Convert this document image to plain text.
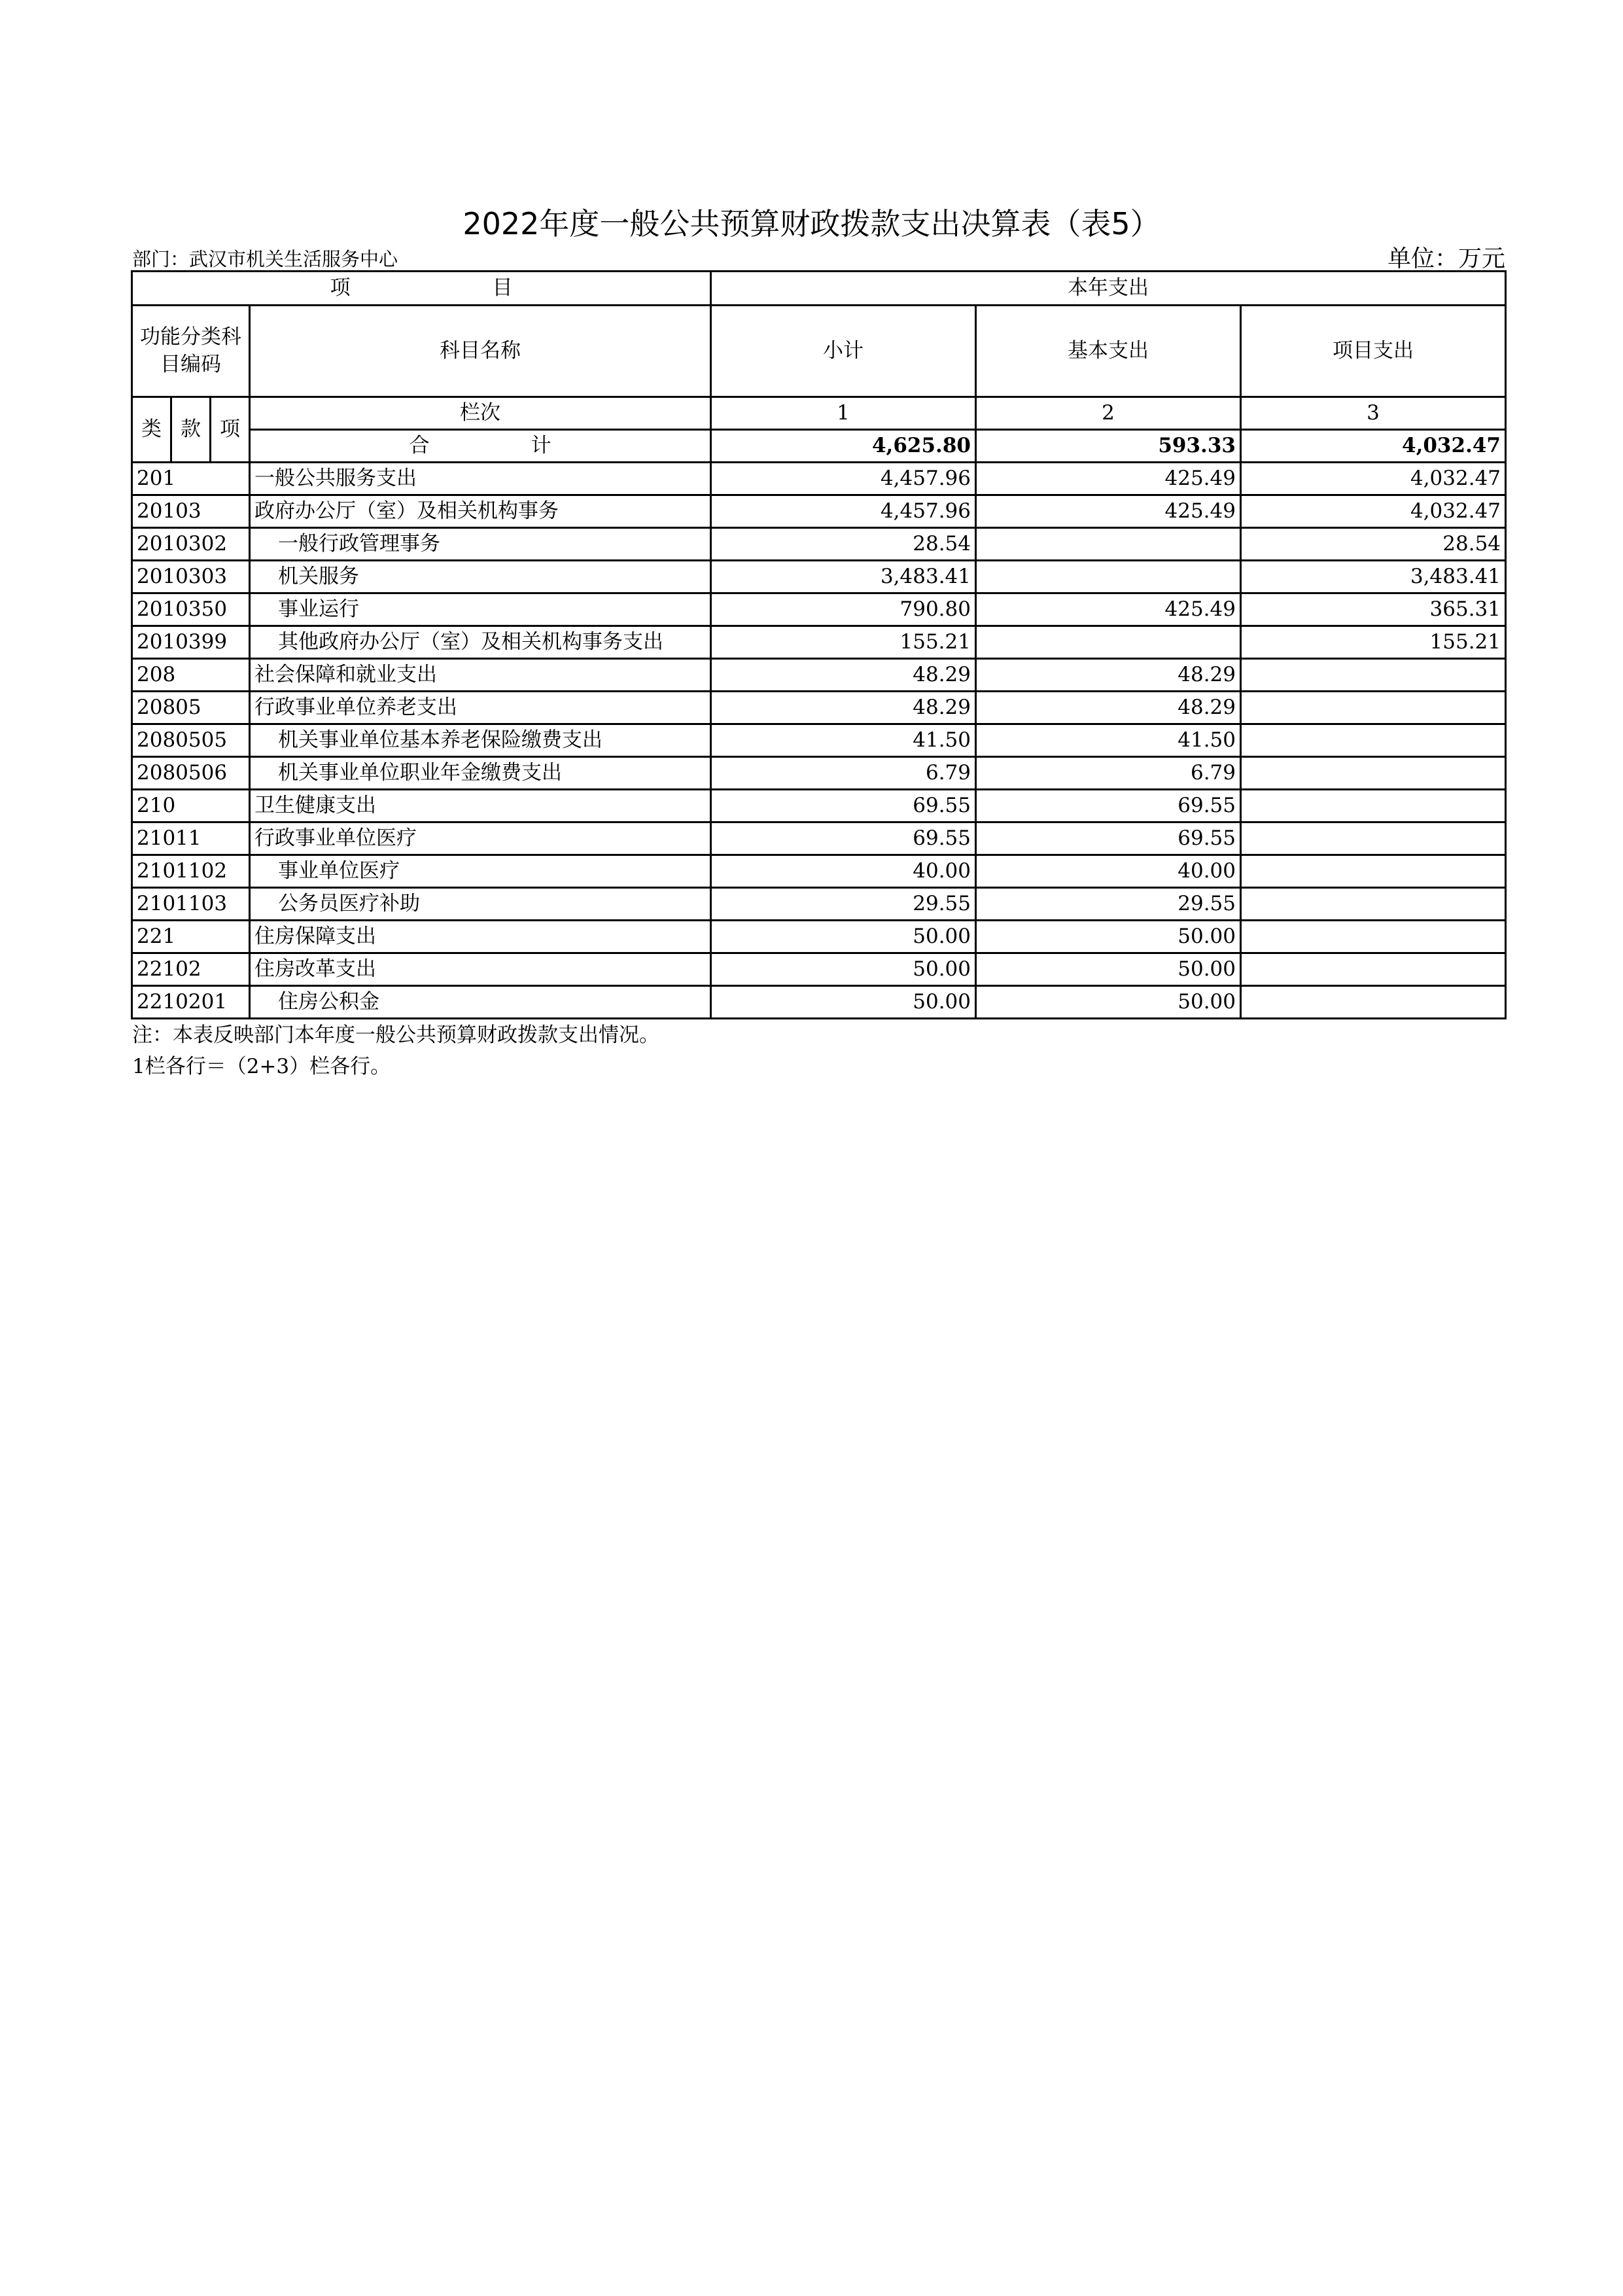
2022年度一般公共预算财政拨款支出决算表（表5）
部门：武汉市机关生活服务中心	单位：万元
项　　　　　　　目				本年支出		
功能分类科目编码			科目名称	小计	基本支出	项目支出
类	款	项	栏次	1	2	3
			合　　　　　计	4,625.80	593.33	4,032.47
201			一般公共服务支出	4,457.96	425.49	4,032.47
20103			政府办公厅（室）及相关机构事务	4,457.96	425.49	4,032.47
2010302			一般行政管理事务	28.54		28.54
2010303			机关服务	3,483.41		3,483.41
2010350			事业运行	790.80	425.49	365.31
2010399			其他政府办公厅（室）及相关机构事务支出	155.21		155.21
208			社会保障和就业支出	48.29	48.29	
20805			行政事业单位养老支出	48.29	48.29	
2080505			机关事业单位基本养老保险缴费支出	41.50	41.50	
2080506			机关事业单位职业年金缴费支出	6.79	6.79	
210			卫生健康支出	69.55	69.55	
21011			行政事业单位医疗	69.55	69.55	
2101102			事业单位医疗	40.00	40.00	
2101103			公务员医疗补助	29.55	29.55	
221			住房保障支出	50.00	50.00	
22102			住房改革支出	50.00	50.00	
2210201			住房公积金	50.00	50.00	
注：本表反映部门本年度一般公共预算财政拨款支出情况。
1栏各行＝（2+3）栏各行。
